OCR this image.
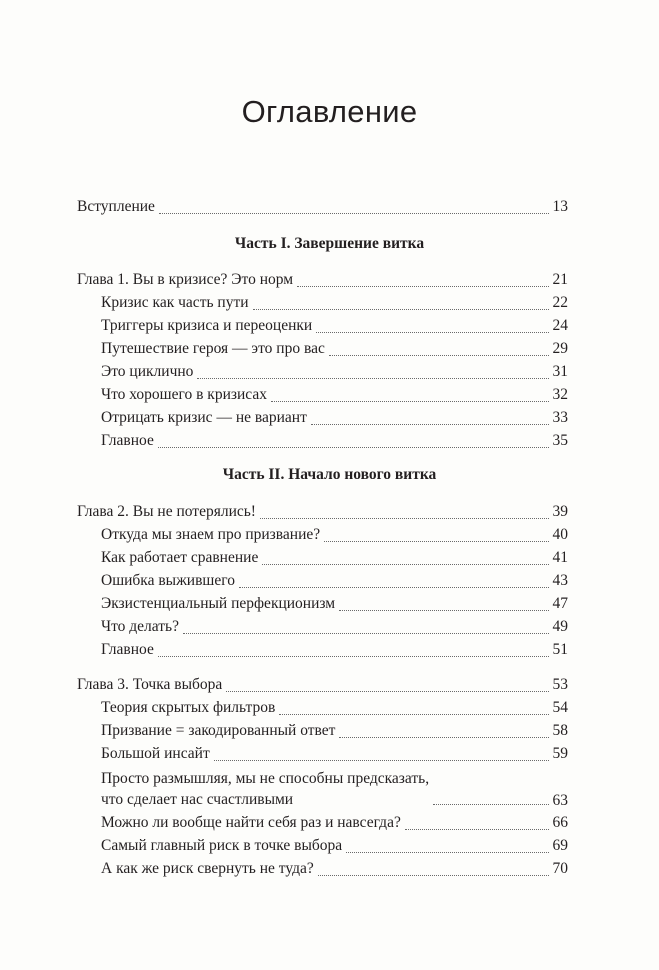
Оглавление
Вступление	13
Часть I. Завершение витка
Глава 1. Вы в кризисе? Это норм	21
Кризис как часть пути	22
Триггеры кризиса и переоценки	24
Путешествие героя — это про вас	29
Это циклично	31
Что хорошего в кризисах	32
Отрицать кризис — не вариант	33
Главное	35
Часть II. Начало нового витка
Глава 2. Вы не потерялись!	39
Откуда мы знаем про призвание?	40
Как работает сравнение	41
Ошибка выжившего	43
Экзистенциальный перфекционизм	47
Что делать?	49
Главное	51
Глава 3. Точка выбора	53
Теория скрытых фильтров	54
Призвание = закодированный ответ	58
Большой инсайт	59
Просто размышляя, мы не способны предсказать,
что сделает нас счастливыми	63
Можно ли вообще найти себя раз и навсегда?	66
Самый главный риск в точке выбора	69
А как же риск свернуть не туда?	70
